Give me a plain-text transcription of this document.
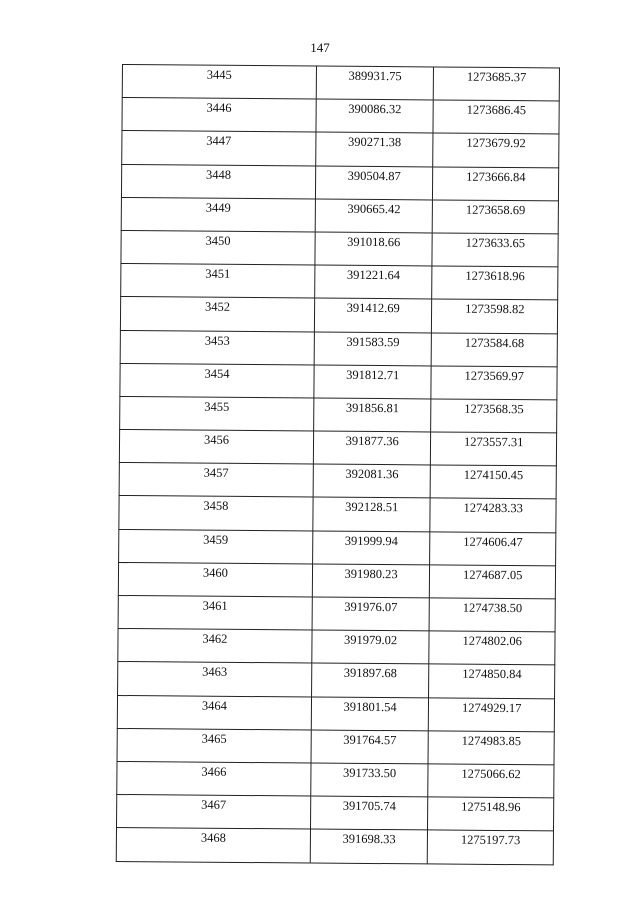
147
3445	389931.75	1273685.37
3446	390086.32	1273686.45
3447	390271.38	1273679.92
3448	390504.87	1273666.84
3449	390665.42	1273658.69
3450	391018.66	1273633.65
3451	391221.64	1273618.96
3452	391412.69	1273598.82
3453	391583.59	1273584.68
3454	391812.71	1273569.97
3455	391856.81	1273568.35
3456	391877.36	1273557.31
3457	392081.36	1274150.45
3458	392128.51	1274283.33
3459	391999.94	1274606.47
3460	391980.23	1274687.05
3461	391976.07	1274738.50
3462	391979.02	1274802.06
3463	391897.68	1274850.84
3464	391801.54	1274929.17
3465	391764.57	1274983.85
3466	391733.50	1275066.62
3467	391705.74	1275148.96
3468	391698.33	1275197.73
